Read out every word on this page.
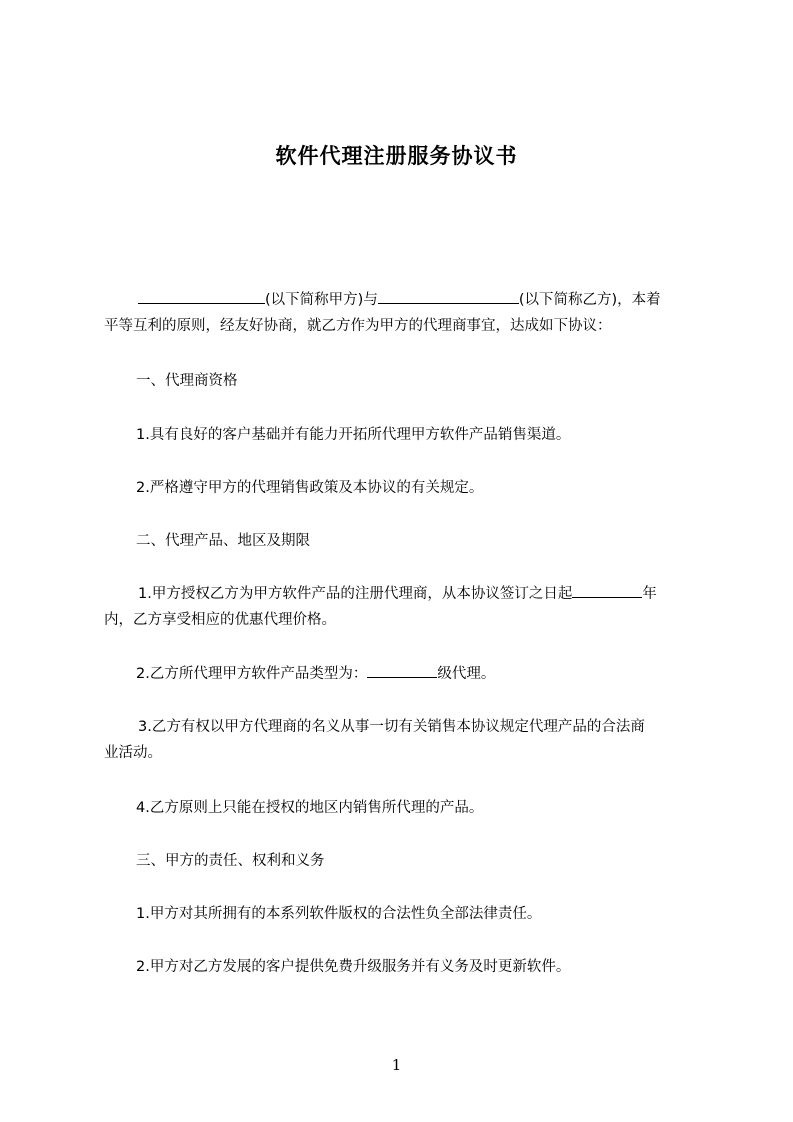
软件代理注册服务协议书
(以下简称甲方)与	(以下简称乙方)，本着
平等互利的原则，经友好协商，就乙方作为甲方的代理商事宜，达成如下协议：
一、代理商资格
1.具有良好的客户基础并有能力开拓所代理甲方软件产品销售渠道。
2.严格遵守甲方的代理销售政策及本协议的有关规定。
二、代理产品、地区及期限
1.甲方授权乙方为甲方软件产品的注册代理商，从本协议签订之日起	年
内，乙方享受相应的优惠代理价格。
2.乙方所代理甲方软件产品类型为：	级代理。
3.乙方有权以甲方代理商的名义从事一切有关销售本协议规定代理产品的合法商
业活动。
4.乙方原则上只能在授权的地区内销售所代理的产品。
三、甲方的责任、权利和义务
1.甲方对其所拥有的本系列软件版权的合法性负全部法律责任。
2.甲方对乙方发展的客户提供免费升级服务并有义务及时更新软件。
1
